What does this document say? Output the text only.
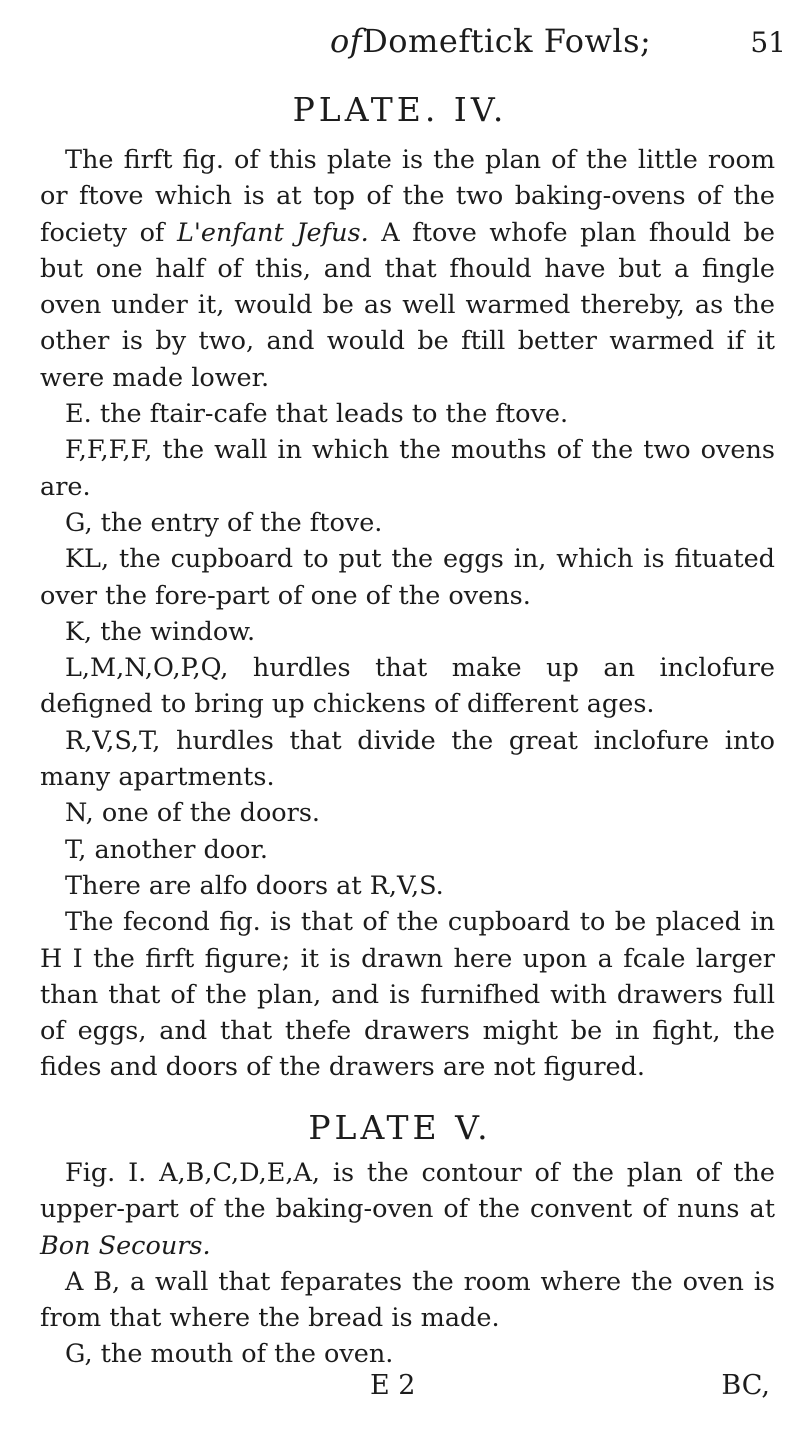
ofDomeftick Fowls;	51
PLATE. IV.

The firft fig. of this plate is the plan of the little room or ftove which is at top of the two baking-ovens of the fociety of L'enfant Jefus. A ftove whofe plan fhould be but one half of this, and that fhould have but a fingle oven under it, would be as well warmed thereby, as the other is by two, and would be ftill better warmed if it were made lower.

E. the ftair-cafe that leads to the ftove.

F,F,F,F, the wall in which the mouths of the two ovens are.

G, the entry of the ftove.

KL, the cupboard to put the eggs in, which is fituated over the fore-part of one of the ovens.

K, the window.

L,M,N,O,P,Q, hurdles that make up an inclofure defigned to bring up chickens of different ages.

R,V,S,T, hurdles that divide the great inclofure into many apartments.

N, one of the doors.

T, another door.

There are alfo doors at R,V,S.

The fecond fig. is that of the cupboard to be placed in H I the firft figure; it is drawn here upon a fcale larger than that of the plan, and is furnifhed with drawers full of eggs, and that thefe drawers might be in fight, the fides and doors of the drawers are not figured.

PLATE V.

Fig. I. A,B,C,D,E,A, is the contour of the plan of the upper-part of the baking-oven of the convent of nuns at Bon Secours.

A B, a wall that feparates the room where the oven is from that where the bread is made.

G, the mouth of the oven.

E 2	BC,
